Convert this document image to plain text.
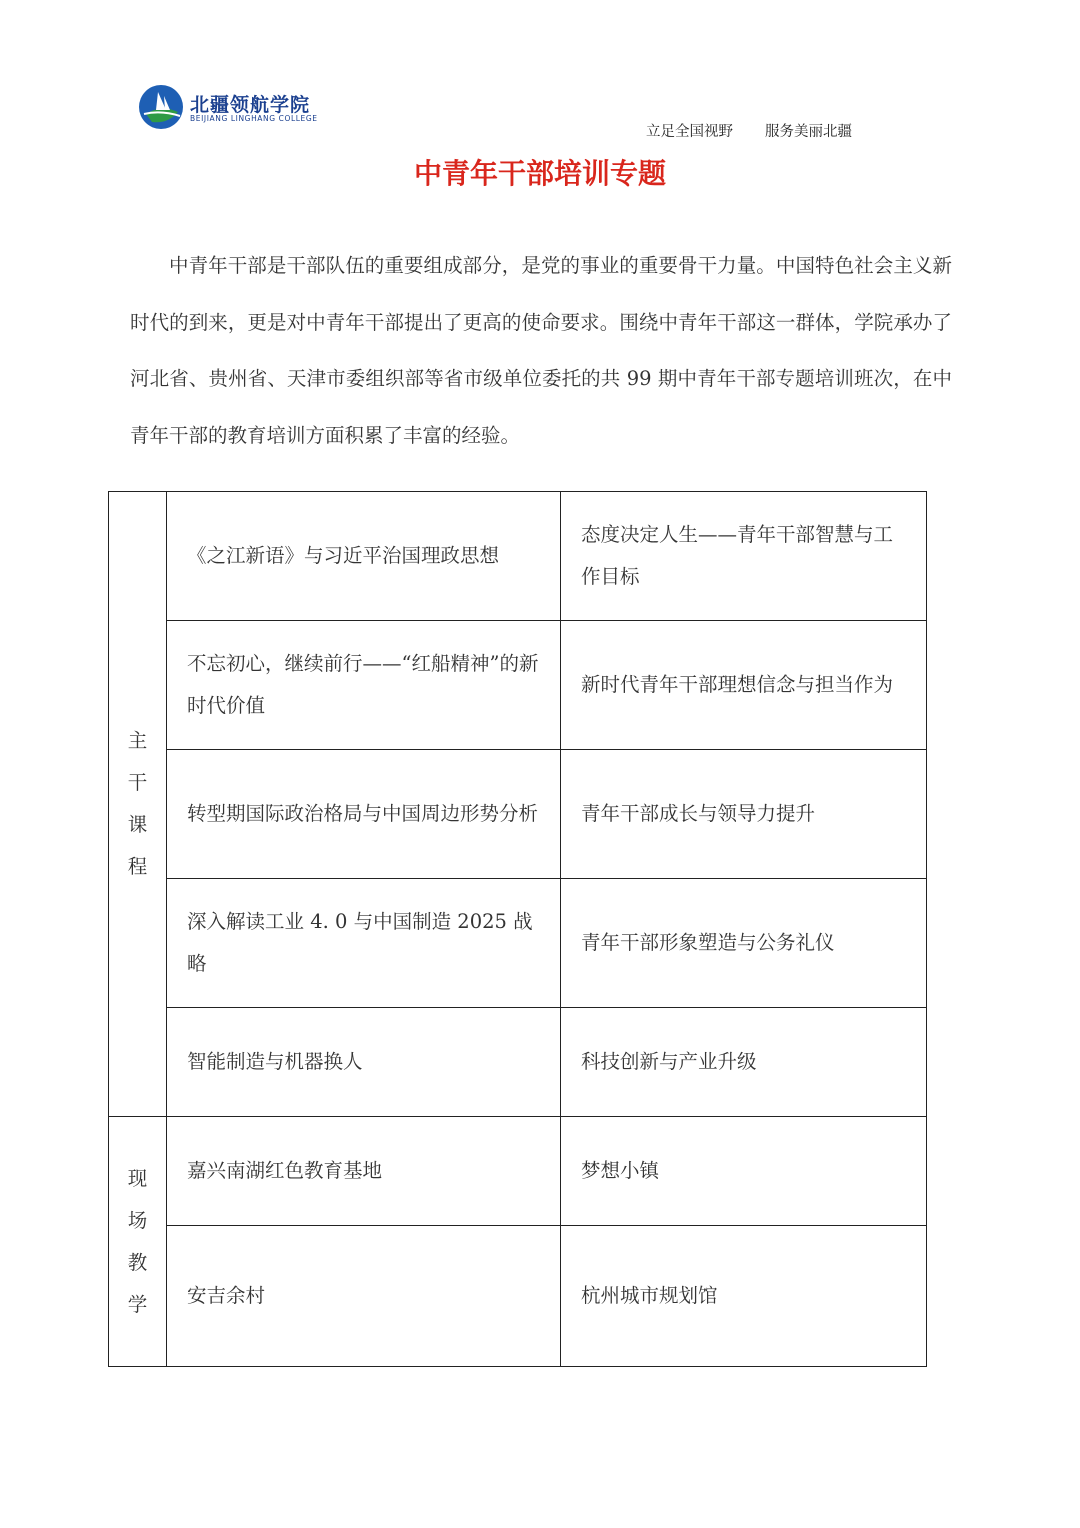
北疆领航学院
BEIJIANG LINGHANG COLLEGE
立足全国视野 服务美丽北疆
中青年干部培训专题

中青年干部是干部队伍的重要组成部分，是党的事业的重要骨干力量。中国特色社会主义新时代的到来，更是对中青年干部提出了更高的使命要求。围绕中青年干部这一群体，学院承办了河北省、贵州省、天津市委组织部等省市级单位委托的共 99 期中青年干部专题培训班次，在中青年干部的教育培训方面积累了丰富的经验。

主干课程	《之江新语》与习近平治国理政思想	态度决定人生——青年干部智慧与工作目标
	不忘初心，继续前行——“红船精神”的新时代价值	新时代青年干部理想信念与担当作为
	转型期国际政治格局与中国周边形势分析	青年干部成长与领导力提升
	深入解读工业 4. 0 与中国制造 2025 战略	青年干部形象塑造与公务礼仪
	智能制造与机器换人	科技创新与产业升级
现场教学	嘉兴南湖红色教育基地	梦想小镇
	安吉余村	杭州城市规划馆
